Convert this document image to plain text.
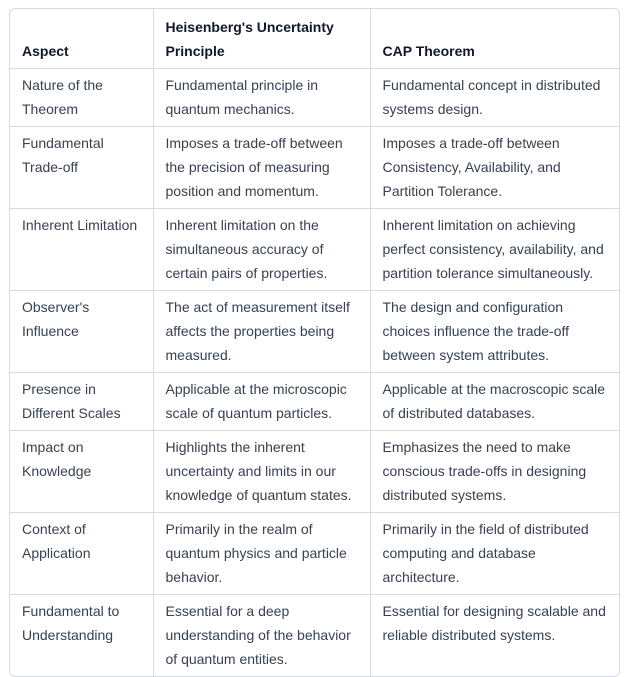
Aspect	Heisenberg's Uncertainty Principle	CAP Theorem
Nature of the Theorem	Fundamental principle in quantum mechanics.	Fundamental concept in distributed systems design.
Fundamental Trade-off	Imposes a trade-off between the precision of measuring position and momentum.	Imposes a trade-off between Consistency, Availability, and Partition Tolerance.
Inherent Limitation	Inherent limitation on the simultaneous accuracy of certain pairs of properties.	Inherent limitation on achieving perfect consistency, availability, and partition tolerance simultaneously.
Observer's Influence	The act of measurement itself affects the properties being measured.	The design and configuration choices influence the trade-off between system attributes.
Presence in Different Scales	Applicable at the microscopic scale of quantum particles.	Applicable at the macroscopic scale of distributed databases.
Impact on Knowledge	Highlights the inherent uncertainty and limits in our knowledge of quantum states.	Emphasizes the need to make conscious trade-offs in designing distributed systems.
Context of Application	Primarily in the realm of quantum physics and particle behavior.	Primarily in the field of distributed computing and database architecture.
Fundamental to Understanding	Essential for a deep understanding of the behavior of quantum entities.	Essential for designing scalable and reliable distributed systems.
